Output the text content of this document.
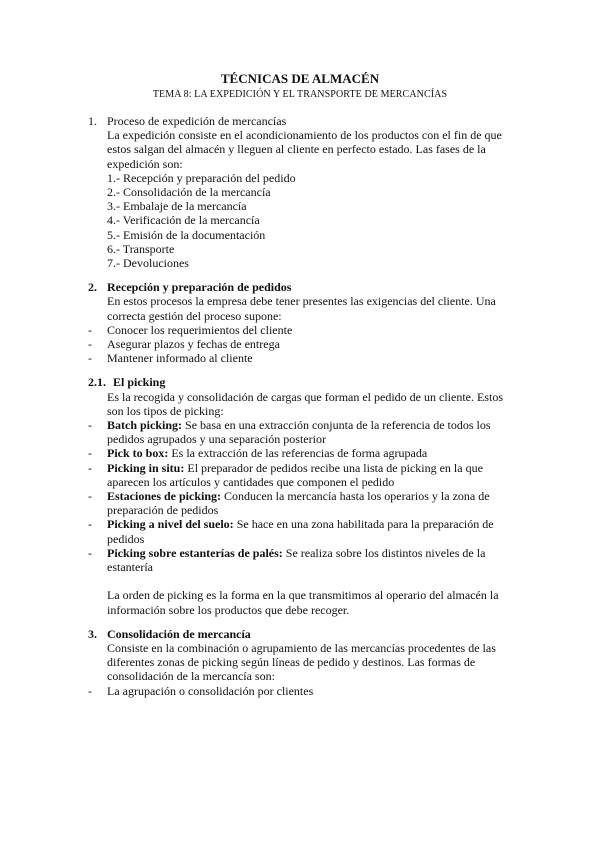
TÉCNICAS DE ALMACÉN
TEMA 8: LA EXPEDICIÓN Y EL TRANSPORTE DE MERCANCÍAS
1. Proceso de expedición de mercancías

La expedición consiste en el acondicionamiento de los productos con el fin de que estos salgan del almacén y lleguen al cliente en perfecto estado. Las fases de la expedición son:

1.- Recepción y preparación del pedido
2.- Consolidación de la mercancía
3.- Embalaje de la mercancía
4.- Verificación de la mercancía
5.- Emisión de la documentación
6.- Transporte
7.- Devoluciones
2. Recepción y preparación de pedidos

En estos procesos la empresa debe tener presentes las exigencias del cliente. Una correcta gestión del proceso supone:

- Conocer los requerimientos del cliente
- Asegurar plazos y fechas de entrega
- Mantener informado al cliente
2.1. El picking

Es la recogida y consolidación de cargas que forman el pedido de un cliente. Estos son los tipos de picking:

- Batch picking: Se basa en una extracción conjunta de la referencia de todos los pedidos agrupados y una separación posterior
- Pick to box: Es la extracción de las referencias de forma agrupada
- Picking in situ: El preparador de pedidos recibe una lista de picking en la que aparecen los artículos y cantidades que componen el pedido
- Estaciones de picking: Conducen la mercancía hasta los operarios y la zona de preparación de pedidos
- Picking a nivel del suelo: Se hace en una zona habilitada para la preparación de pedidos
- Picking sobre estanterías de palés: Se realiza sobre los distintos niveles de la estantería

La orden de picking es la forma en la que transmitimos al operario del almacén la información sobre los productos que debe recoger.

3. Consolidación de mercancía

Consiste en la combinación o agrupamiento de las mercancías procedentes de las diferentes zonas de picking según líneas de pedido y destinos. Las formas de consolidación de la mercancía son:

- La agrupación o consolidación por clientes
